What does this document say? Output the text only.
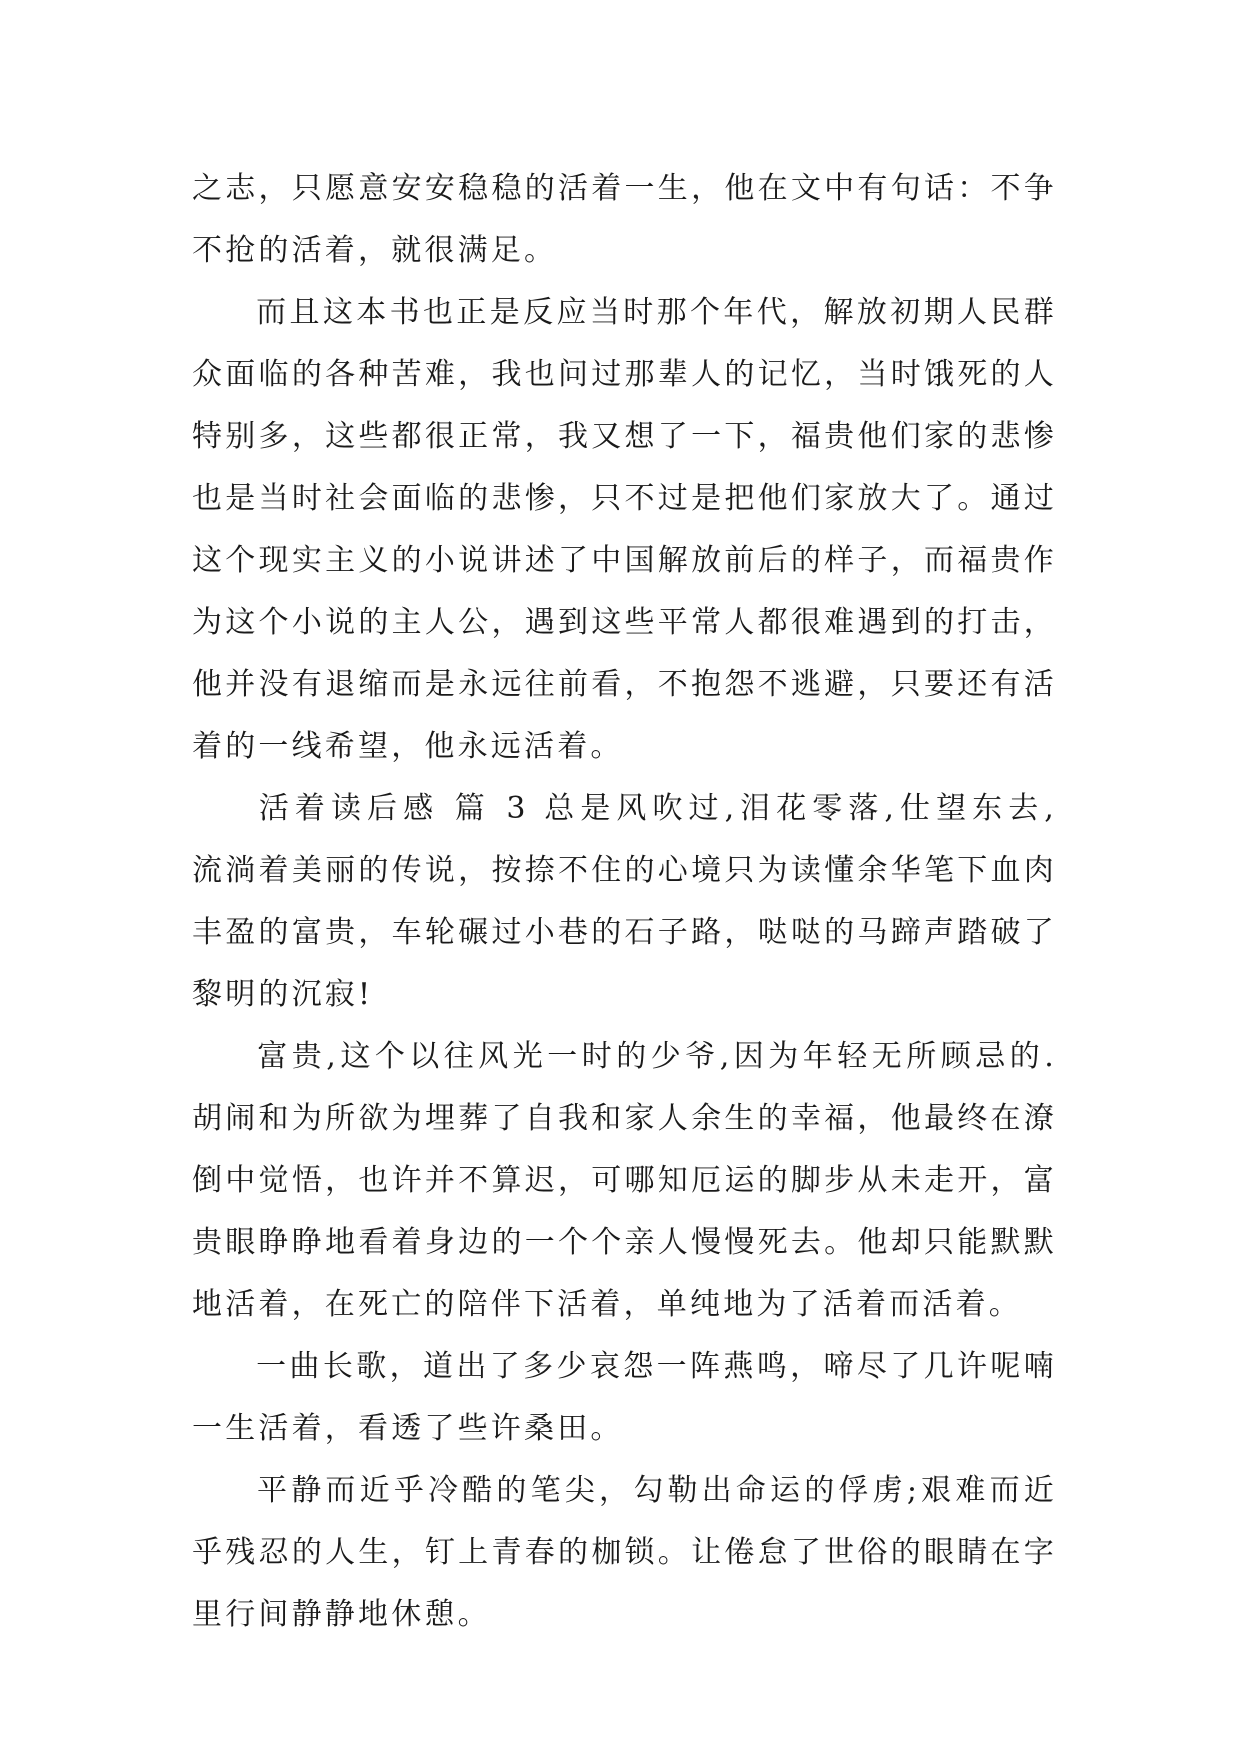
之志，只愿意安安稳稳的活着一生，他在文中有句话：不争
不抢的活着，就很满足。
而且这本书也正是反应当时那个年代，解放初期人民群
众面临的各种苦难，我也问过那辈人的记忆，当时饿死的人
特别多，这些都很正常，我又想了一下，福贵他们家的悲惨
也是当时社会面临的悲惨，只不过是把他们家放大了。通过
这个现实主义的小说讲述了中国解放前后的样子，而福贵作
为这个小说的主人公，遇到这些平常人都很难遇到的打击，
他并没有退缩而是永远往前看，不抱怨不逃避，只要还有活
着的一线希望，他永远活着。
活着读后感 篇 3 总是风吹过,泪花零落,仕望东去,
流淌着美丽的传说，按捺不住的心境只为读懂余华笔下血肉
丰盈的富贵，车轮碾过小巷的石子路，哒哒的马蹄声踏破了
黎明的沉寂!
富贵,这个以往风光一时的少爷,因为年轻无所顾忌的.
胡闹和为所欲为埋葬了自我和家人余生的幸福，他最终在潦
倒中觉悟，也许并不算迟，可哪知厄运的脚步从未走开，富
贵眼睁睁地看着身边的一个个亲人慢慢死去。他却只能默默
地活着，在死亡的陪伴下活着，单纯地为了活着而活着。
一曲长歌，道出了多少哀怨一阵燕鸣，啼尽了几许呢喃
一生活着，看透了些许桑田。
平静而近乎冷酷的笔尖，勾勒出命运的俘虏;艰难而近
乎残忍的人生，钉上青春的枷锁。让倦怠了世俗的眼睛在字
里行间静静地休憩。
